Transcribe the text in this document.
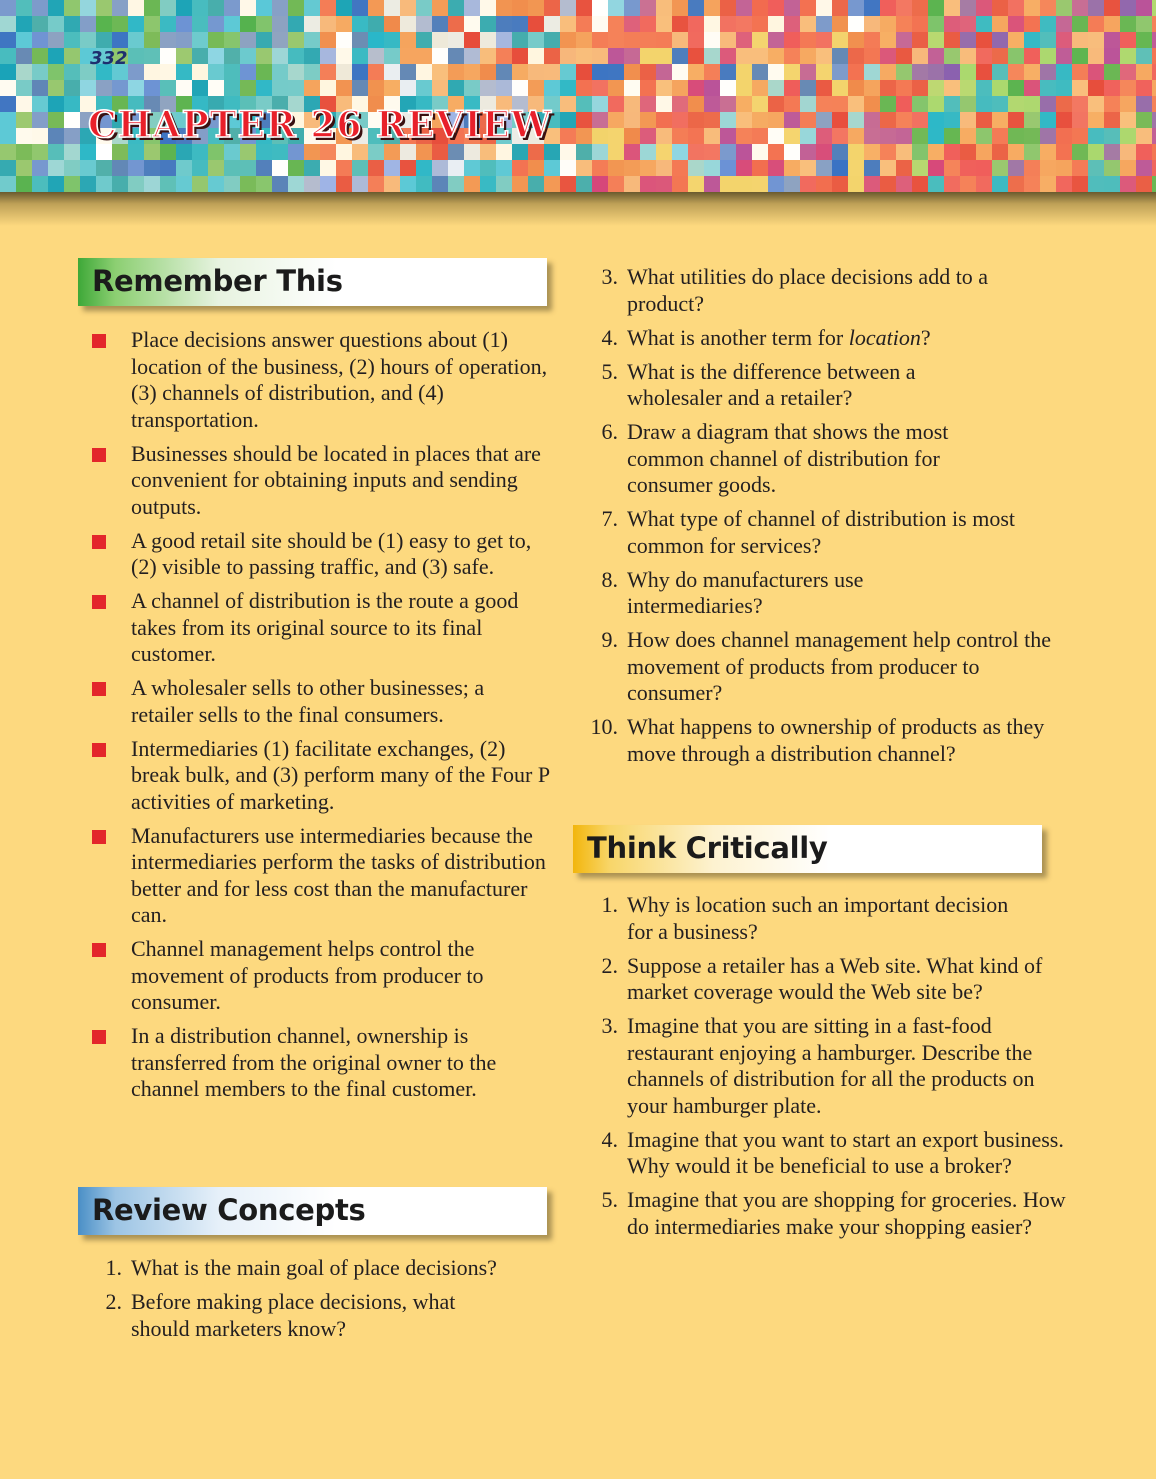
332
CHAPTER 26 REVIEW
Remember This
Place decisions answer questions about (1) location of the business, (2) hours of operation, (3) channels of distribution, and (4) transportation.
Businesses should be located in places that are convenient for obtaining inputs and sending outputs.
A good retail site should be (1) easy to get to, (2) visible to passing traffic, and (3) safe.
A channel of distribution is the route a good takes from its original source to its final customer.
A wholesaler sells to other businesses; a retailer sells to the final consumers.
Intermediaries (1) facilitate exchanges, (2) break bulk, and (3) perform many of the Four P activities of marketing.
Manufacturers use intermediaries because the intermediaries perform the tasks of distribution better and for less cost than the manufacturer can.
Channel management helps control the movement of products from producer to consumer.
In a distribution channel, ownership is transferred from the original owner to the channel members to the final customer.
Review Concepts
1. What is the main goal of place decisions?
2. Before making place decisions, what should marketers know?
3. What utilities do place decisions add to a product?
4. What is another term for location?
5. What is the difference between a wholesaler and a retailer?
6. Draw a diagram that shows the most common channel of distribution for consumer goods.
7. What type of channel of distribution is most common for services?
8. Why do manufacturers use intermediaries?
9. How does channel management help control the movement of products from producer to consumer?
10. What happens to ownership of products as they move through a distribution channel?
Think Critically
1. Why is location such an important decision for a business?
2. Suppose a retailer has a Web site. What kind of market coverage would the Web site be?
3. Imagine that you are sitting in a fast-food restaurant enjoying a hamburger. Describe the channels of distribution for all the products on your hamburger plate.
4. Imagine that you want to start an export business. Why would it be beneficial to use a broker?
5. Imagine that you are shopping for groceries. How do intermediaries make your shopping easier?
